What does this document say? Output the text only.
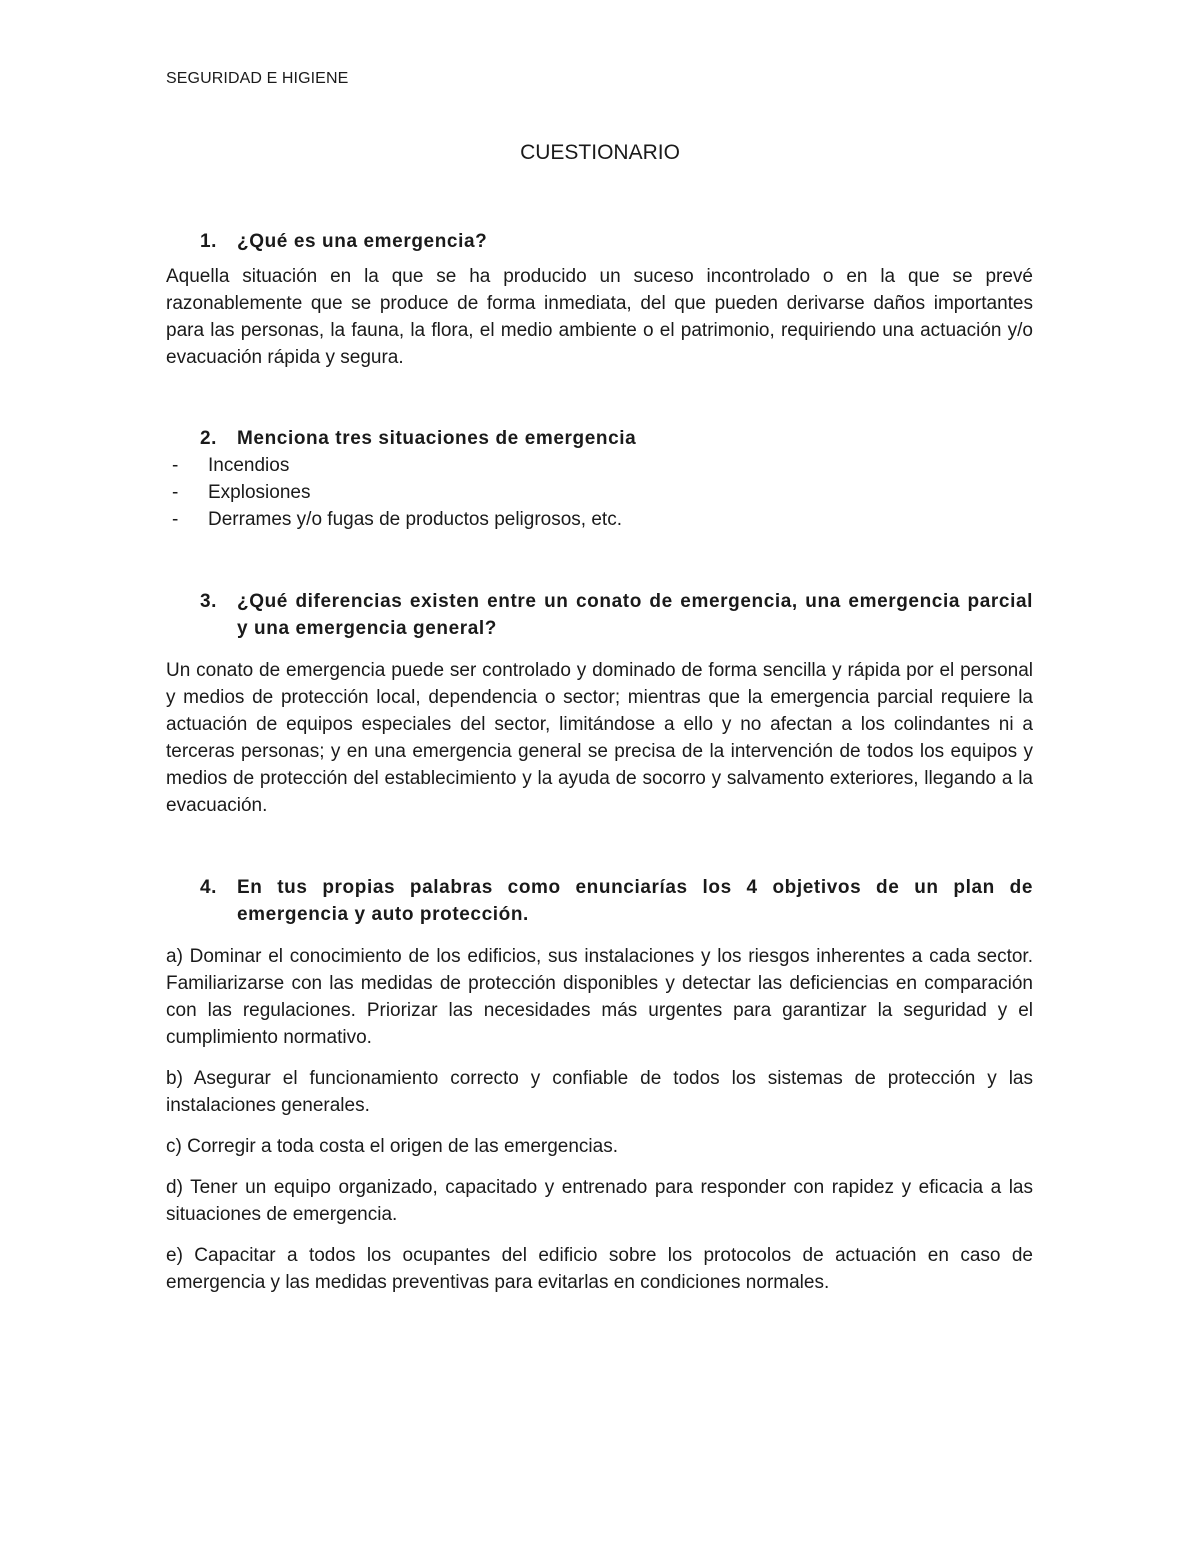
SEGURIDAD E HIGIENE
CUESTIONARIO
1.	¿Qué es una emergencia?

Aquella situación en la que se ha producido un suceso incontrolado o en la que se prevé razonablemente que se produce de forma inmediata, del que pueden derivarse daños importantes para las personas, la fauna, la flora, el medio ambiente o el patrimonio, requiriendo una actuación y/o evacuación rápida y segura.

2.	Menciona tres situaciones de emergencia
-	Incendios
-	Explosiones
-	Derrames y/o fugas de productos peligrosos, etc.
3.	¿Qué diferencias existen entre un conato de emergencia, una emergencia parcial y una emergencia general?

Un conato de emergencia puede ser controlado y dominado de forma sencilla y rápida por el personal y medios de protección local, dependencia o sector; mientras que la emergencia parcial requiere la actuación de equipos especiales del sector, limitándose a ello y no afectan a los colindantes ni a terceras personas; y en una emergencia general se precisa de la intervención de todos los equipos y medios de protección del establecimiento y la ayuda de socorro y salvamento exteriores, llegando a la evacuación.

4.	En tus propias palabras como enunciarías los 4 objetivos de un plan de emergencia y auto protección.

a) Dominar el conocimiento de los edificios, sus instalaciones y los riesgos inherentes a cada sector. Familiarizarse con las medidas de protección disponibles y detectar las deficiencias en comparación con las regulaciones. Priorizar las necesidades más urgentes para garantizar la seguridad y el cumplimiento normativo.

b) Asegurar el funcionamiento correcto y confiable de todos los sistemas de protección y las instalaciones generales.

c) Corregir a toda costa el origen de las emergencias.

d) Tener un equipo organizado, capacitado y entrenado para responder con rapidez y eficacia a las situaciones de emergencia.

e) Capacitar a todos los ocupantes del edificio sobre los protocolos de actuación en caso de emergencia y las medidas preventivas para evitarlas en condiciones normales.
